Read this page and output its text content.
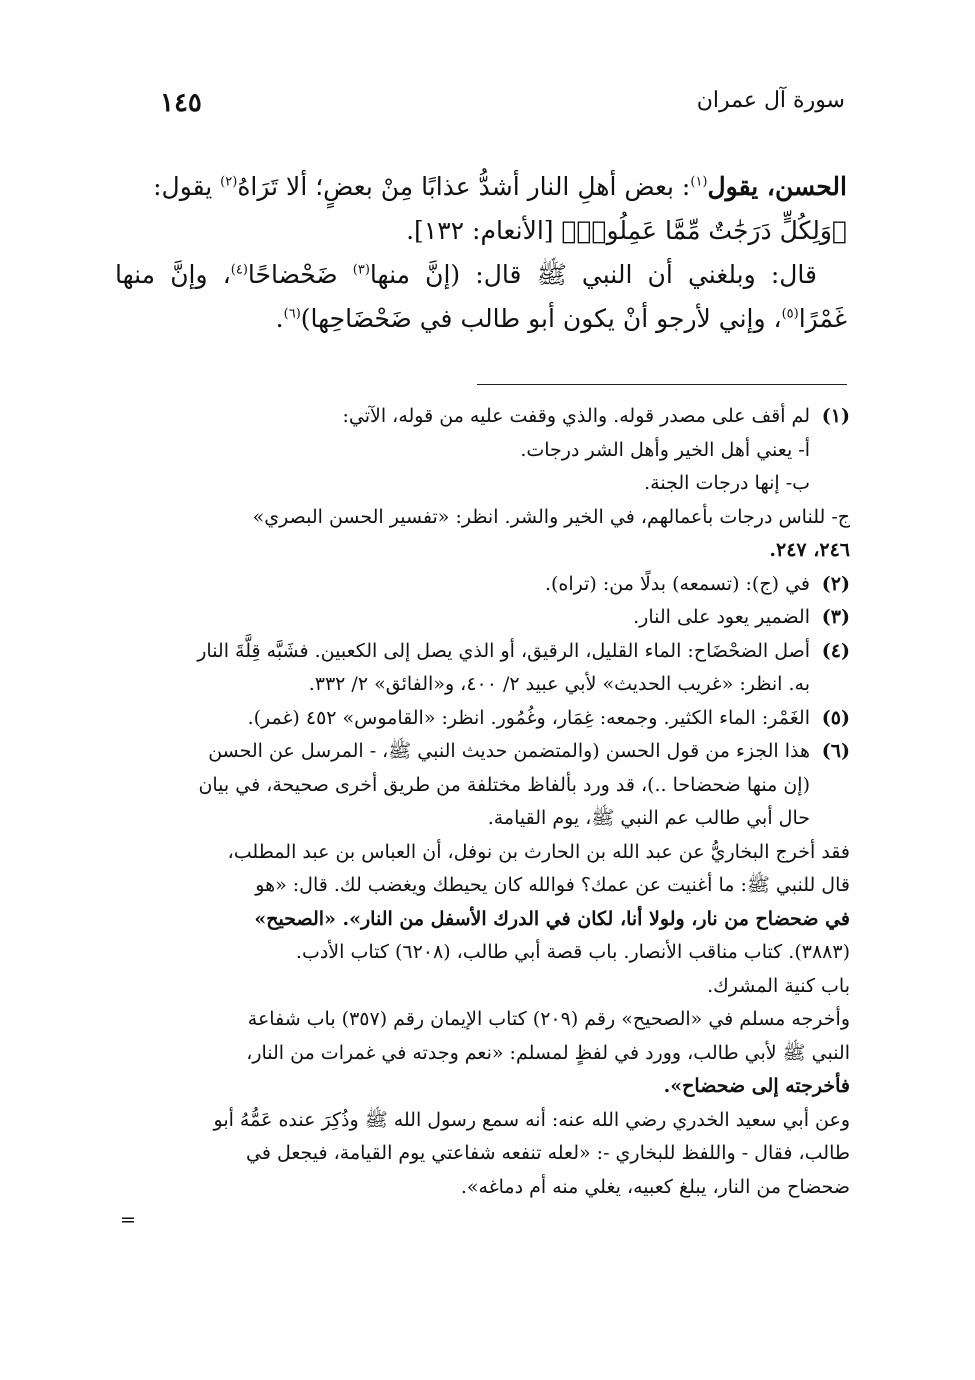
سورة آل عمران
١٤٥

الحسن، يقول$^{(١)}$: بعض أهلِ النار أشدُّ عذابًا مِنْ بعضٍ؛ ألا تَرَاهُ$^{(٢)}$ يقول:

﴿وَلِكُلٍّ دَرَجَٰتٌ مِّمَّا عَمِلُوا۟﴾ [الأنعام: ١٣٢].

قال: وبلغني أن النبي ﷺ قال: (إنَّ منها$^{(٣)}$ ضَحْضاحًا$^{(٤)}$، وإنَّ منها غَمْرًا$^{(٥)}$، وإني لأرجو أنْ يكون أبو طالب في ضَحْضَاحِها)$^{(٦)}$.

(١)

لم أقف على مصدر قوله. والذي وقفت عليه من قوله، الآتي:

أ- يعني أهل الخير وأهل الشر درجات.

ب- إنها درجات الجنة.

ج- للناس درجات بأعمالهم، في الخير والشر. انظر: «تفسير الحسن البصري»

٢٤٦، ٢٤٧.

(٢)
في (ج): (تسمعه) بدلًا من: (تراه).
(٣)
الضمير يعود على النار.
(٤)

أصل الضحْضَاح: الماء القليل، الرقيق، أو الذي يصل إلى الكعبين. فشَبَّه قِلَّةَ النار

به. انظر: «غريب الحديث» لأبي عبيد ٢/ ٤٠٠، و«الفائق» ٢/ ٣٣٢.

(٥)
الغَمْر: الماء الكثير. وجمعه: غِمَار، وغُمُور. انظر: «القاموس» ٤٥٢ (غمر).
(٦)

هذا الجزء من قول الحسن (والمتضمن حديث النبي ﷺ، - المرسل عن الحسن

(إن منها ضحضاحا ..)، قد ورد بألفاظ مختلفة من طريق أخرى صحيحة، في بيان

حال أبي طالب عم النبي ﷺ، يوم القيامة.

فقد أخرج البخاريُّ عن عبد الله بن الحارث بن نوفل، أن العباس بن عبد المطلب،

قال للنبي ﷺ: ما أغنيت عن عمك؟ فوالله كان يحيطك ويغضب لك. قال: «هو

في ضحضاح من نار، ولولا أنا، لكان في الدرك الأسفل من النار». «الصحيح»

(٣٨٨٣). كتاب مناقب الأنصار. باب قصة أبي طالب، (٦٢٠٨) كتاب الأدب.

باب كنية المشرك.

وأخرجه مسلم في «الصحيح» رقم (٢٠٩) كتاب الإيمان رقم (٣٥٧) باب شفاعة

النبي ﷺ لأبي طالب، وورد في لفظٍ لمسلم: «نعم وجدته في غمرات من النار،

فأخرجته إلى ضحضاح».

وعن أبي سعيد الخدري رضي الله عنه: أنه سمع رسول الله ﷺ وذُكِرَ عنده عَمُّهُ أبو

طالب، فقال - واللفظ للبخاري -: «لعله تنفعه شفاعتي يوم القيامة، فيجعل في

ضحضاح من النار، يبلغ كعبيه، يغلي منه أم دماغه».

=
